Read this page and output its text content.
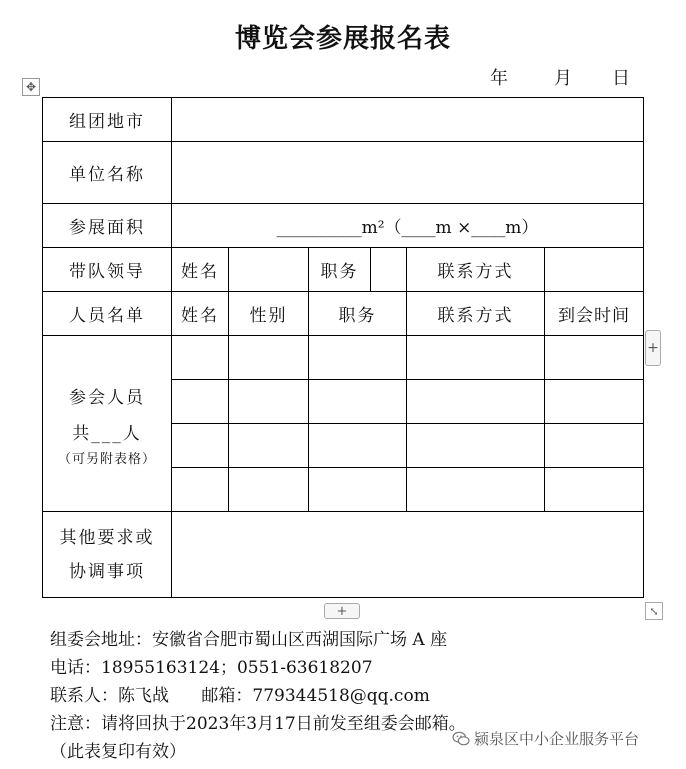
博览会参展报名表
年	月 日
✥
组团地市						
单位名称						
参展面积	__________m²（____m ×____m）					
带队领导	姓名		职务		联系方式	
人员名单	姓名	性别	职务		联系方式	到会时间

参会人员
共___人
（可另附表格）						

其他要求或
协调事项						

+
+	⤡
组委会地址：安徽省合肥市蜀山区西湖国际广场 A 座
电话：18955163124；0551-63618207
联系人：陈飞战      邮箱：779344518@qq.com
注意：请将回执于2023年3月17日前发至组委会邮箱。
（此表复印有效）
颍泉区中小企业服务平台
